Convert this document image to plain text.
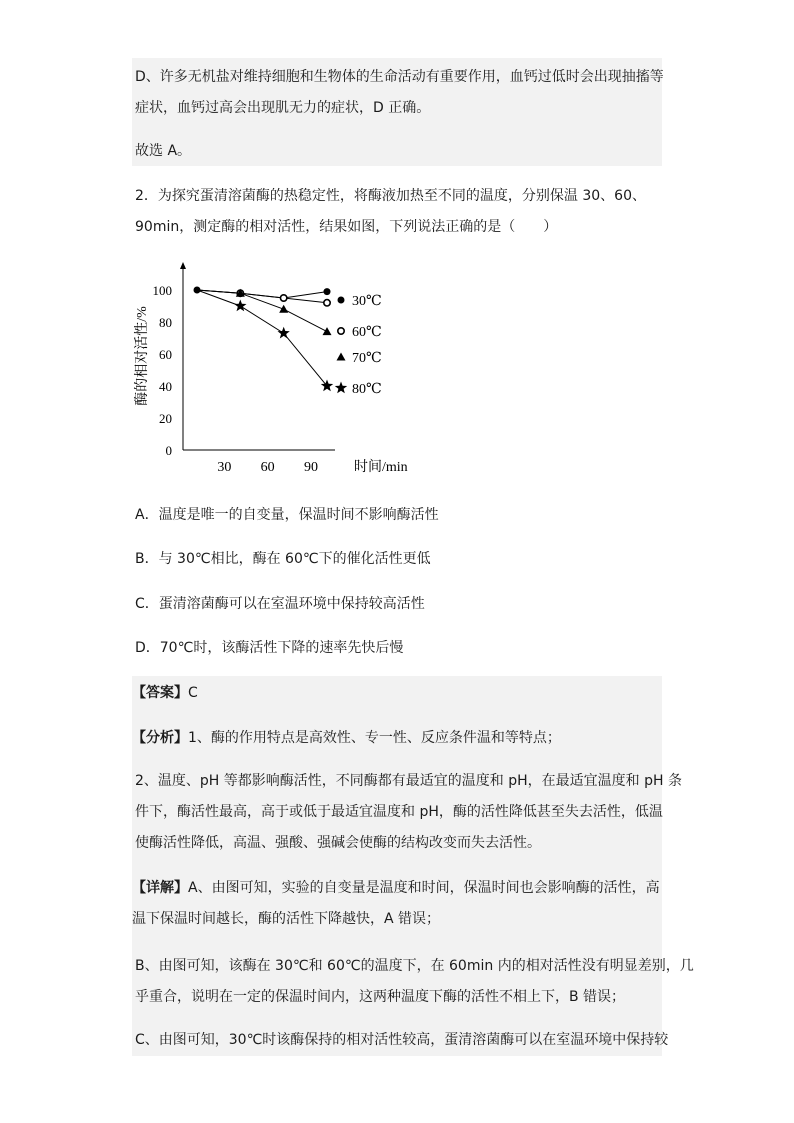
D、许多无机盐对维持细胞和生物体的生命活动有重要作用，血钙过低时会出现抽搐等
症状，血钙过高会出现肌无力的症状，D 正确。
故选 A。
2．为探究蛋清溶菌酶的热稳定性，将酶液加热至不同的温度，分别保温 30、60、
90min，测定酶的相对活性，结果如图，下列说法正确的是（　　）
酶的相对活性/%
时间/min
0
20
40
60
80
100
30 60 90
30℃
60℃
70℃
80℃
A．温度是唯一的自变量，保温时间不影响酶活性
B．与 30℃相比，酶在 60℃下的催化活性更低
C．蛋清溶菌酶可以在室温环境中保持较高活性
D．70℃时，该酶活性下降的速率先快后慢
【答案】C
【分析】1、酶的作用特点是高效性、专一性、反应条件温和等特点；
2、温度、pH 等都影响酶活性，不同酶都有最适宜的温度和 pH，在最适宜温度和 pH 条
件下，酶活性最高，高于或低于最适宜温度和 pH，酶的活性降低甚至失去活性，低温
使酶活性降低，高温、强酸、强碱会使酶的结构改变而失去活性。
【详解】A、由图可知，实验的自变量是温度和时间，保温时间也会影响酶的活性，高
温下保温时间越长，酶的活性下降越快，A 错误；
B、由图可知，该酶在 30℃和 60℃的温度下，在 60min 内的相对活性没有明显差别，几
乎重合，说明在一定的保温时间内，这两种温度下酶的活性不相上下，B 错误；
C、由图可知，30℃时该酶保持的相对活性较高，蛋清溶菌酶可以在室温环境中保持较
